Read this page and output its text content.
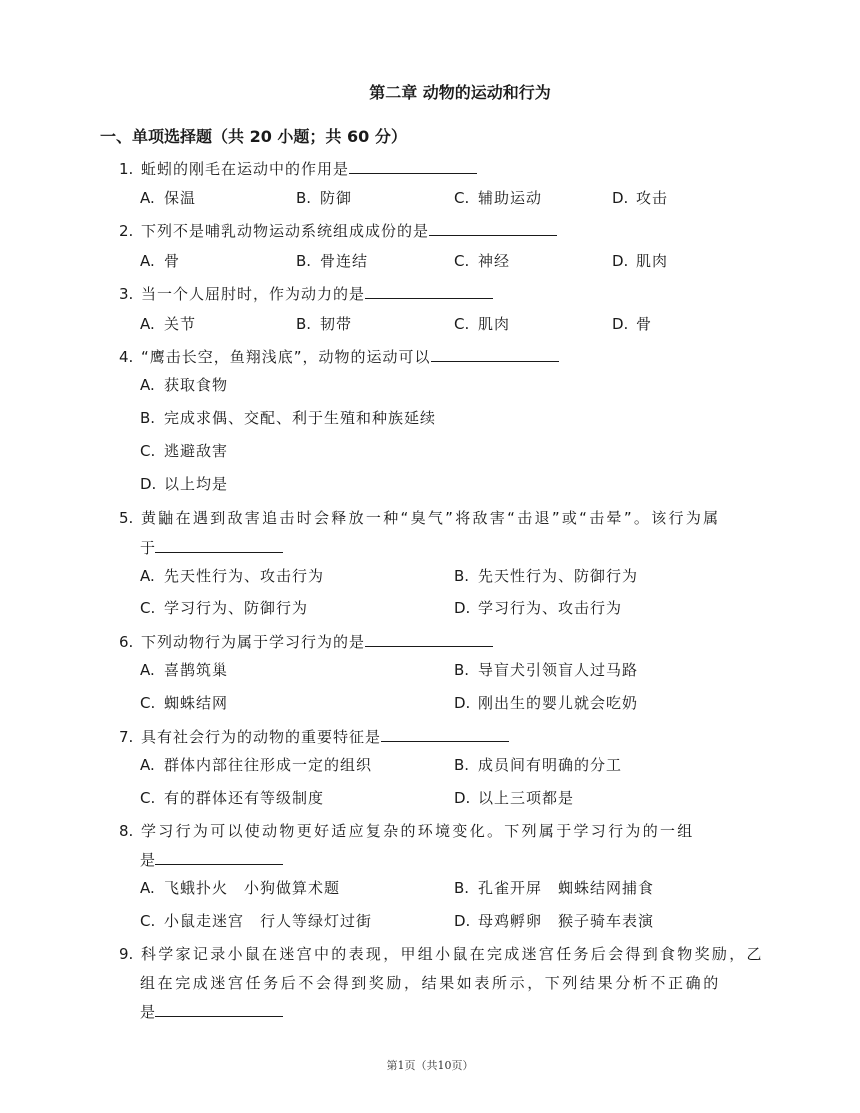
第二章 动物的运动和行为
一、单项选择题（共 20 小题；共 60 分）
1. 蚯蚓的刚毛在运动中的作用是
A. 保温	B. 防御	C. 辅助运动	D. 攻击
2. 下列不是哺乳动物运动系统组成成份的是
A. 骨	B. 骨连结	C. 神经	D. 肌肉
3. 当一个人屈肘时，作为动力的是
A. 关节	B. 韧带	C. 肌肉	D. 骨
4. “鹰击长空，鱼翔浅底”，动物的运动可以
A. 获取食物
B. 完成求偶、交配、利于生殖和种族延续
C. 逃避敌害
D. 以上均是
5. 黄鼬在遇到敌害追击时会释放一种“臭气”将敌害“击退”或“击晕”。该行为属
于
A. 先天性行为、攻击行为	B. 先天性行为、防御行为
C. 学习行为、防御行为	D. 学习行为、攻击行为
6. 下列动物行为属于学习行为的是
A. 喜鹊筑巢	B. 导盲犬引领盲人过马路
C. 蜘蛛结网	D. 刚出生的婴儿就会吃奶
7. 具有社会行为的动物的重要特征是
A. 群体内部往往形成一定的组织	B. 成员间有明确的分工
C. 有的群体还有等级制度	D. 以上三项都是
8. 学习行为可以使动物更好适应复杂的环境变化。下列属于学习行为的一组
是
A. 飞蛾扑火　小狗做算术题	B. 孔雀开屏　蜘蛛结网捕食
C. 小鼠走迷宫　行人等绿灯过街	D. 母鸡孵卵　猴子骑车表演
9. 科学家记录小鼠在迷宫中的表现，甲组小鼠在完成迷宫任务后会得到食物奖励，乙
组在完成迷宫任务后不会得到奖励，结果如表所示，下列结果分析不正确的
是
第1页（共10页）
